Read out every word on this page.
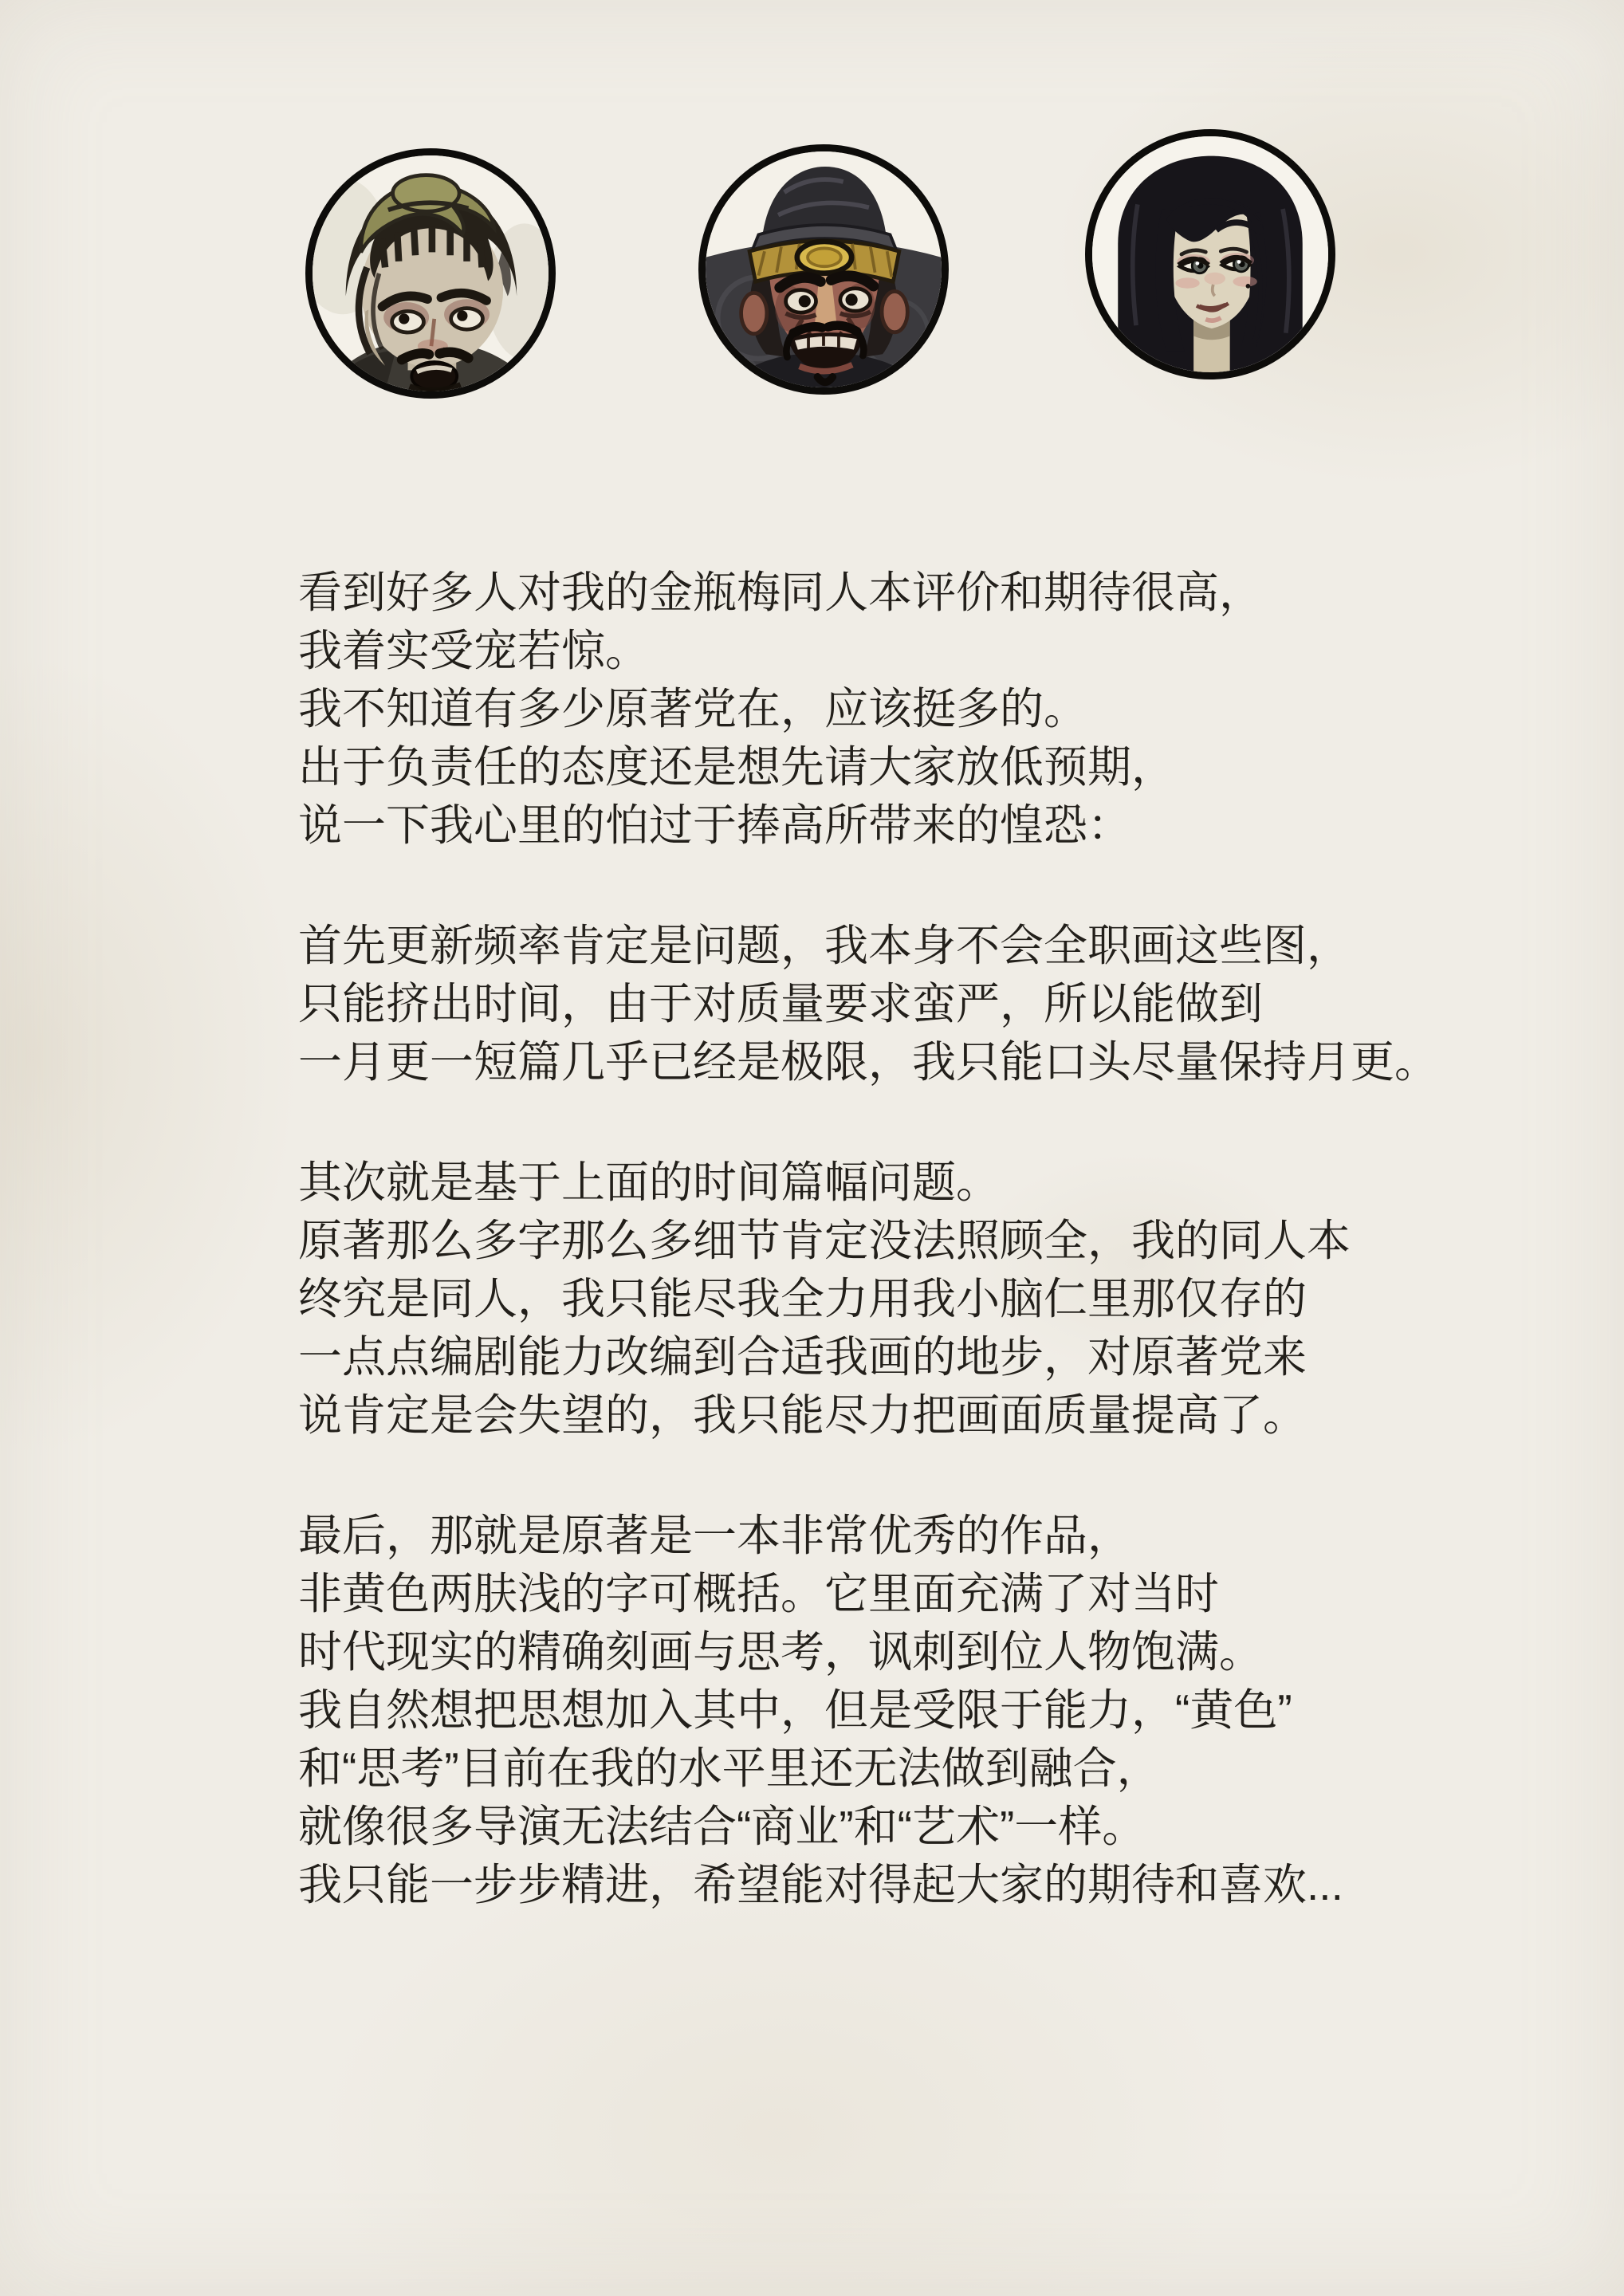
看到好多人对我的金瓶梅同人本评价和期待很高，
我着实受宠若惊。
我不知道有多少原著党在，应该挺多的。
出于负责任的态度还是想先请大家放低预期，
说一下我心里的怕过于捧高所带来的惶恐：
首先更新频率肯定是问题，我本身不会全职画这些图，
只能挤出时间，由于对质量要求蛮严，所以能做到
一月更一短篇几乎已经是极限，我只能口头尽量保持月更。
其次就是基于上面的时间篇幅问题。
原著那么多字那么多细节肯定没法照顾全，我的同人本
终究是同人，我只能尽我全力用我小脑仁里那仅存的
一点点编剧能力改编到合适我画的地步，对原著党来
说肯定是会失望的，我只能尽力把画面质量提高了。
最后，那就是原著是一本非常优秀的作品，
非黄色两肤浅的字可概括。它里面充满了对当时
时代现实的精确刻画与思考，讽刺到位人物饱满。
我自然想把思想加入其中，但是受限于能力，“黄色”
和“思考”目前在我的水平里还无法做到融合，
就像很多导演无法结合“商业”和“艺术”一样。
我只能一步步精进，希望能对得起大家的期待和喜欢...
